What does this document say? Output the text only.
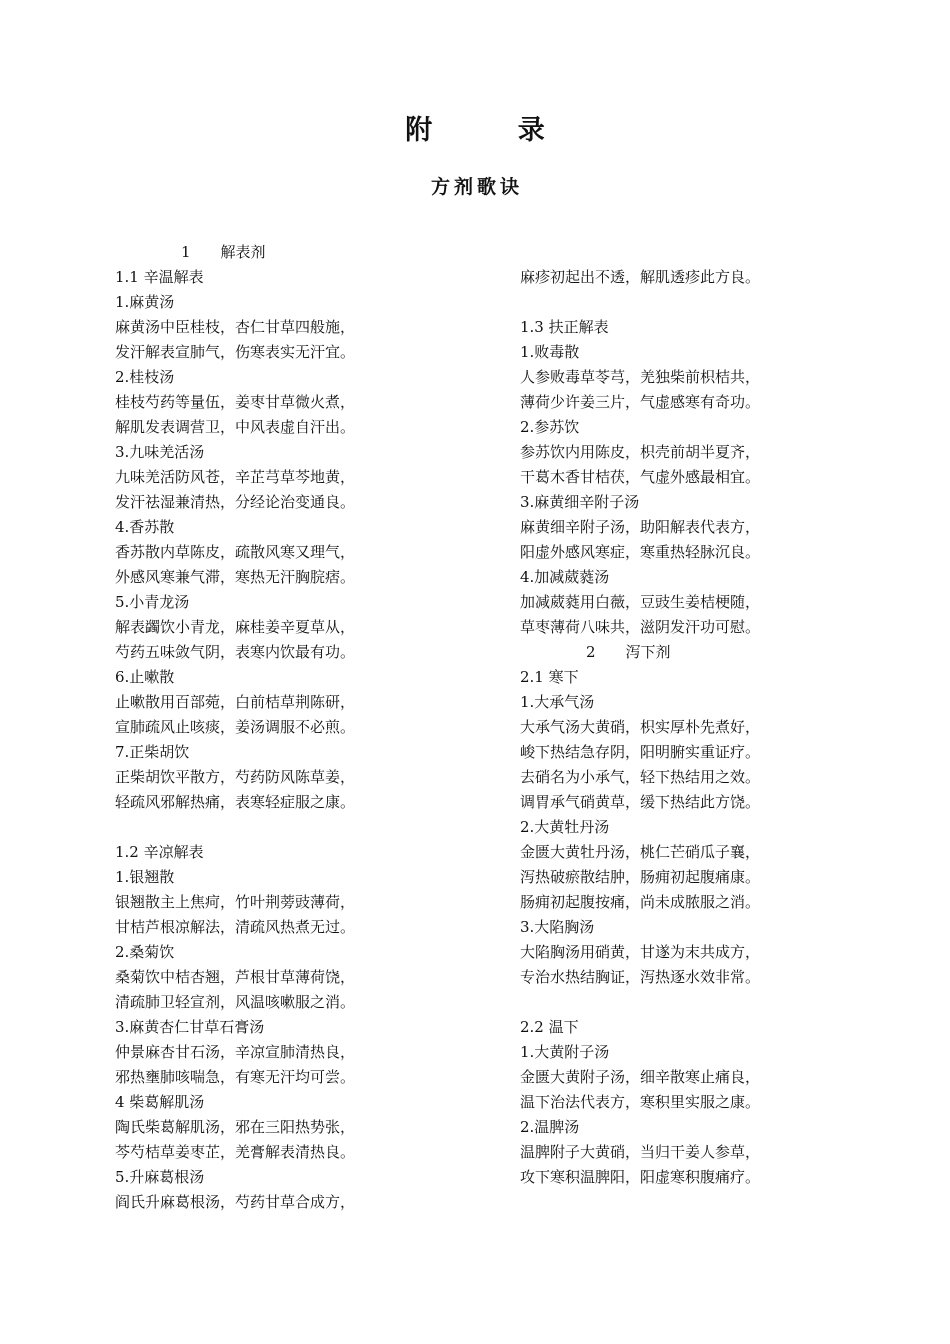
附 录
方剂歌诀
1　　解表剂
1.1 辛温解表
1.麻黄汤
麻黄汤中臣桂枝，杏仁甘草四般施，
发汗解表宣肺气，伤寒表实无汗宜。
2.桂枝汤
桂枝芍药等量伍，姜枣甘草微火煮，
解肌发表调营卫，中风表虚自汗出。
3.九味羌活汤
九味羌活防风苍，辛芷芎草芩地黄，
发汗祛湿兼清热，分经论治变通良。
4.香苏散
香苏散内草陈皮，疏散风寒又理气，
外感风寒兼气滞，寒热无汗胸脘痞。
5.小青龙汤
解表蠲饮小青龙，麻桂姜辛夏草从，
芍药五味敛气阴，表寒内饮最有功。
6.止嗽散
止嗽散用百部菀，白前桔草荆陈研，
宣肺疏风止咳痰，姜汤调服不必煎。
7.正柴胡饮
正柴胡饮平散方，芍药防风陈草姜，
轻疏风邪解热痛，表寒轻症服之康。
1.2 辛凉解表
1.银翘散
银翘散主上焦疴，竹叶荆蒡豉薄荷，
甘桔芦根凉解法，清疏风热煮无过。
2.桑菊饮
桑菊饮中桔杏翘，芦根甘草薄荷饶，
清疏肺卫轻宣剂，风温咳嗽服之消。
3.麻黄杏仁甘草石膏汤
仲景麻杏甘石汤，辛凉宣肺清热良，
邪热壅肺咳喘急，有寒无汗均可尝。
4 柴葛解肌汤
陶氏柴葛解肌汤，邪在三阳热势张，
芩芍桔草姜枣芷，羌膏解表清热良。
5.升麻葛根汤
阎氏升麻葛根汤，芍药甘草合成方，
麻疹初起出不透，解肌透疹此方良。
1.3 扶正解表
1.败毒散
人参败毒草苓芎，羌独柴前枳桔共，
薄荷少许姜三片，气虚感寒有奇功。
2.参苏饮
参苏饮内用陈皮，枳壳前胡半夏齐，
干葛木香甘桔茯，气虚外感最相宜。
3.麻黄细辛附子汤
麻黄细辛附子汤，助阳解表代表方，
阳虚外感风寒症，寒重热轻脉沉良。
4.加减葳蕤汤
加减葳蕤用白薇，豆豉生姜桔梗随，
草枣薄荷八味共，滋阴发汗功可慰。
2　　泻下剂
2.1 寒下
1.大承气汤
大承气汤大黄硝，枳实厚朴先煮好，
峻下热结急存阴，阳明腑实重证疗。
去硝名为小承气，轻下热结用之效。
调胃承气硝黄草，缓下热结此方饶。
2.大黄牡丹汤
金匮大黄牡丹汤，桃仁芒硝瓜子襄，
泻热破瘀散结肿，肠痈初起腹痛康。
肠痈初起腹按痛，尚未成脓服之消。
3.大陷胸汤
大陷胸汤用硝黄，甘遂为末共成方，
专治水热结胸证，泻热逐水效非常。
2.2 温下
1.大黄附子汤
金匮大黄附子汤，细辛散寒止痛良，
温下治法代表方，寒积里实服之康。
2.温脾汤
温脾附子大黄硝，当归干姜人参草，
攻下寒积温脾阳，阳虚寒积腹痛疗。
